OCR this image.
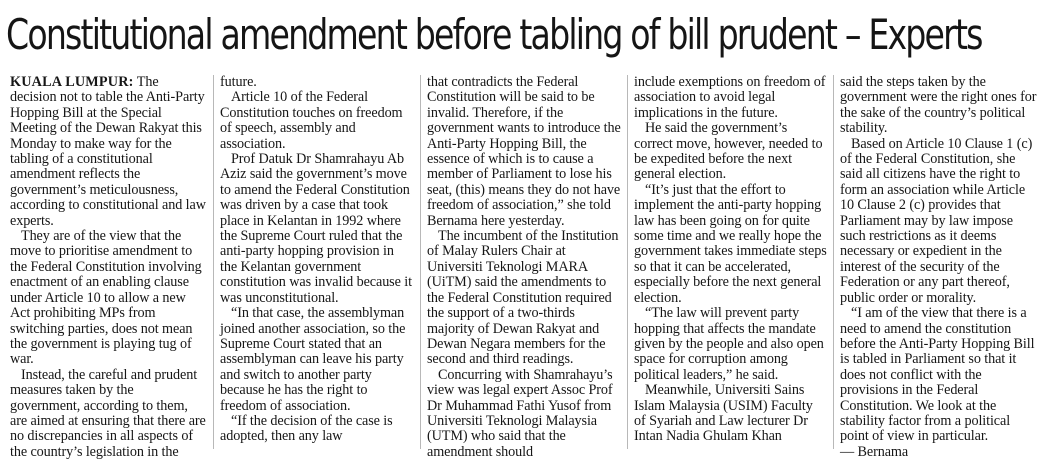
Constitutional amendment before tabling of bill prudent – Experts

KUALA LUMPUR: The decision not to table the Anti-Party Hopping Bill at the Special Meeting of the Dewan Rakyat this Monday to make way for the tabling of a constitutional amendment reflects the government’s meticulousness, according to constitutional and law experts.

They are of the view that the move to prioritise amendment to the Federal Constitution involving enactment of an enabling clause under Article 10 to allow a new Act prohibiting MPs from switching parties, does not mean the government is playing tug of war.

Instead, the careful and prudent measures taken by the government, according to them, are aimed at ensuring that there are no discrepancies in all aspects of the country’s legislation in the

future.

Article 10 of the Federal Constitution touches on freedom of speech, assembly and association.

Prof Datuk Dr Shamrahayu Ab Aziz said the government’s move to amend the Federal Constitution was driven by a case that took place in Kelantan in 1992 where the Supreme Court ruled that the anti-party hopping provision in the Kelantan government constitution was invalid because it was unconstitutional.

“In that case, the assemblyman joined another association, so the Supreme Court stated that an assemblyman can leave his party and switch to another party because he has the right to freedom of association.

“If the decision of the case is adopted, then any law

that contradicts the Federal Constitution will be said to be invalid. Therefore, if the government wants to introduce the Anti-Party Hopping Bill, the essence of which is to cause a member of Parliament to lose his seat, (this) means they do not have freedom of association,” she told Bernama here yesterday.

The incumbent of the Institution of Malay Rulers Chair at Universiti Teknologi MARA (UiTM) said the amendments to the Federal Constitution required the support of a two-thirds majority of Dewan Rakyat and Dewan Negara members for the second and third readings.

Concurring with Shamrahayu’s view was legal expert Assoc Prof Dr Muhammad Fathi Yusof from Universiti Teknologi Malaysia (UTM) who said that the amendment should

include exemptions on freedom of association to avoid legal implications in the future.

He said the government’s correct move, however, needed to be expedited before the next general election.

“It’s just that the effort to implement the anti-party hopping law has been going on for quite some time and we really hope the government takes immediate steps so that it can be accelerated, especially before the next general election.

“The law will prevent party hopping that affects the mandate given by the people and also open space for corruption among political leaders,” he said.

Meanwhile, Universiti Sains Islam Malaysia (USIM) Faculty of Syariah and Law lecturer Dr Intan Nadia Ghulam Khan

said the steps taken by the government were the right ones for the sake of the country’s political stability.

Based on Article 10 Clause 1 (c) of the Federal Constitution, she said all citizens have the right to form an association while Article 10 Clause 2 (c) provides that Parliament may by law impose such restrictions as it deems necessary or expedient in the interest of the security of the Federation or any part thereof, public order or morality.

“I am of the view that there is a need to amend the constitution before the Anti-Party Hopping Bill is tabled in Parliament so that it does not conflict with the provisions in the Federal Constitution. We look at the stability factor from a political point of view in particular.

— Bernama
